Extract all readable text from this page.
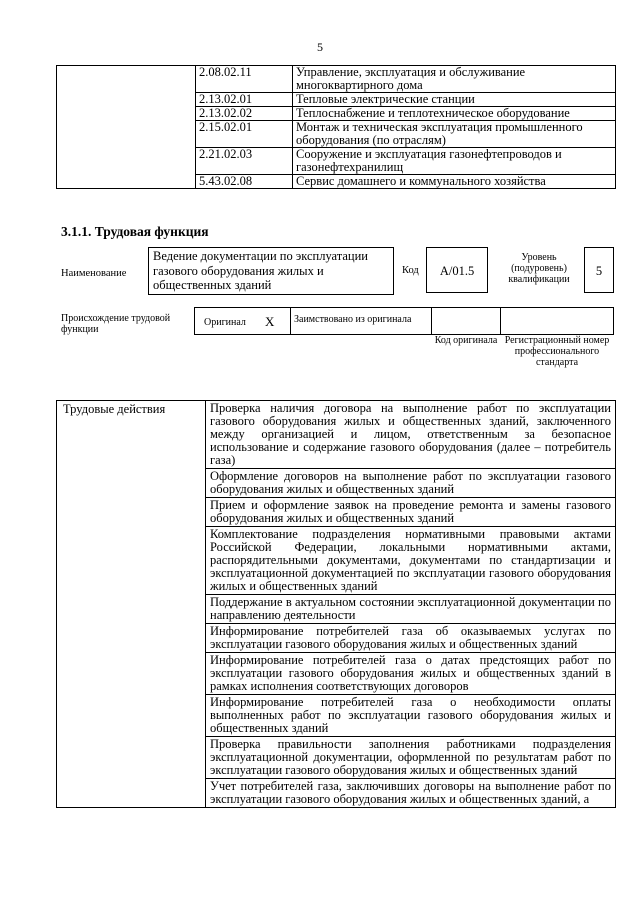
5
	2.08.02.11	Управление, эксплуатация и обслуживание многоквартирного дома
	2.13.02.01	Тепловые электрические станции
	2.13.02.02	Теплоснабжение и теплотехническое оборудование
	2.15.02.01	Монтаж и техническая эксплуатация промышленного оборудования (по отраслям)
	2.21.02.03	Сооружение и эксплуатация газонефтепроводов и газонефтехранилищ
	5.43.02.08	Сервис домашнего и коммунального хозяйства
3.1.1. Трудовая функция
Наименование
Ведение документации по эксплуатации газового оборудования жилых и общественных зданий
Код	А/01.5
Уровень (подуровень) квалификации
5
Происхождение трудовой функции
Оригинал X	Заимствовано из оригинала
Код оригинала Регистрационный номер профессионального стандарта
Трудовые действия	Проверка наличия договора на выполнение работ по эксплуатации газового оборудования жилых и общественных зданий, заключенного между организацией и лицом, ответственным за безопасное использование и содержание газового оборудования (далее – потребитель газа)
Оформление договоров на выполнение работ по эксплуатации газового оборудования жилых и общественных зданий
Прием и оформление заявок на проведение ремонта и замены газового оборудования жилых и общественных зданий
Комплектование подразделения нормативными правовыми актами Российской Федерации, локальными нормативными актами, распорядительными документами, документами по стандартизации и эксплуатационной документацией по эксплуатации газового оборудования жилых и общественных зданий
Поддержание в актуальном состоянии эксплуатационной документации по направлению деятельности
Информирование потребителей газа об оказываемых услугах по эксплуатации газового оборудования жилых и общественных зданий
Информирование потребителей газа о датах предстоящих работ по эксплуатации газового оборудования жилых и общественных зданий в рамках исполнения соответствующих договоров
Информирование потребителей газа о необходимости оплаты выполненных работ по эксплуатации газового оборудования жилых и общественных зданий
Проверка правильности заполнения работниками подразделения эксплуатационной документации, оформленной по результатам работ по эксплуатации газового оборудования жилых и общественных зданий
Учет потребителей газа, заключивших договоры на выполнение работ по эксплуатации газового оборудования жилых и общественных зданий, а
